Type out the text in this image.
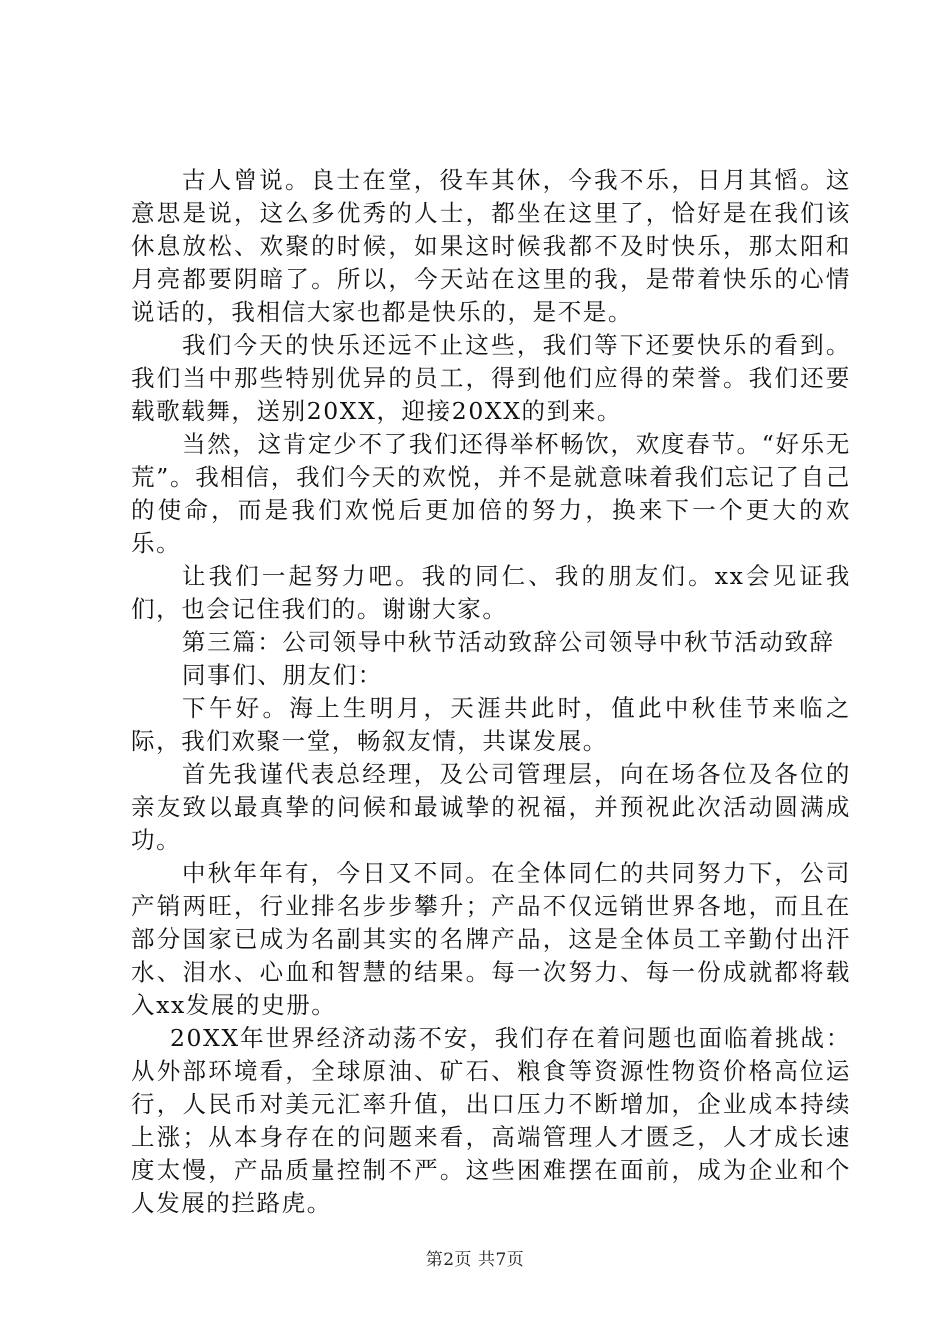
古人曾说。良士在堂，役车其休，今我不乐，日月其慆。这意思是说，这么多优秀的人士，都坐在这里了，恰好是在我们该休息放松、欢聚的时候，如果这时候我都不及时快乐，那太阳和月亮都要阴暗了。所以，今天站在这里的我，是带着快乐的心情说话的，我相信大家也都是快乐的，是不是。

我们今天的快乐还远不止这些，我们等下还要快乐的看到。我们当中那些特别优异的员工，得到他们应得的荣誉。我们还要载歌载舞，送别20XX，迎接20XX的到来。

当然，这肯定少不了我们还得举杯畅饮，欢度春节。“好乐无荒”。我相信，我们今天的欢悦，并不是就意味着我们忘记了自己的使命，而是我们欢悦后更加倍的努力，换来下一个更大的欢乐。

让我们一起努力吧。我的同仁、我的朋友们。xx会见证我们，也会记住我们的。谢谢大家。

第三篇：公司领导中秋节活动致辞公司领导中秋节活动致辞

同事们、朋友们：

下午好。海上生明月，天涯共此时，值此中秋佳节来临之际，我们欢聚一堂，畅叙友情，共谋发展。

首先我谨代表总经理，及公司管理层，向在场各位及各位的亲友致以最真挚的问候和最诚挚的祝福，并预祝此次活动圆满成功。

中秋年年有，今日又不同。在全体同仁的共同努力下，公司产销两旺，行业排名步步攀升；产品不仅远销世界各地，而且在部分国家已成为名副其实的名牌产品，这是全体员工辛勤付出汗水、泪水、心血和智慧的结果。每一次努力、每一份成就都将载入xx发展的史册。

20XX年世界经济动荡不安，我们存在着问题也面临着挑战：从外部环境看，全球原油、矿石、粮食等资源性物资价格高位运行，人民币对美元汇率升值，出口压力不断增加，企业成本持续上涨；从本身存在的问题来看，高端管理人才匮乏，人才成长速度太慢，产品质量控制不严。这些困难摆在面前，成为企业和个人发展的拦路虎。

第2页 共7页
